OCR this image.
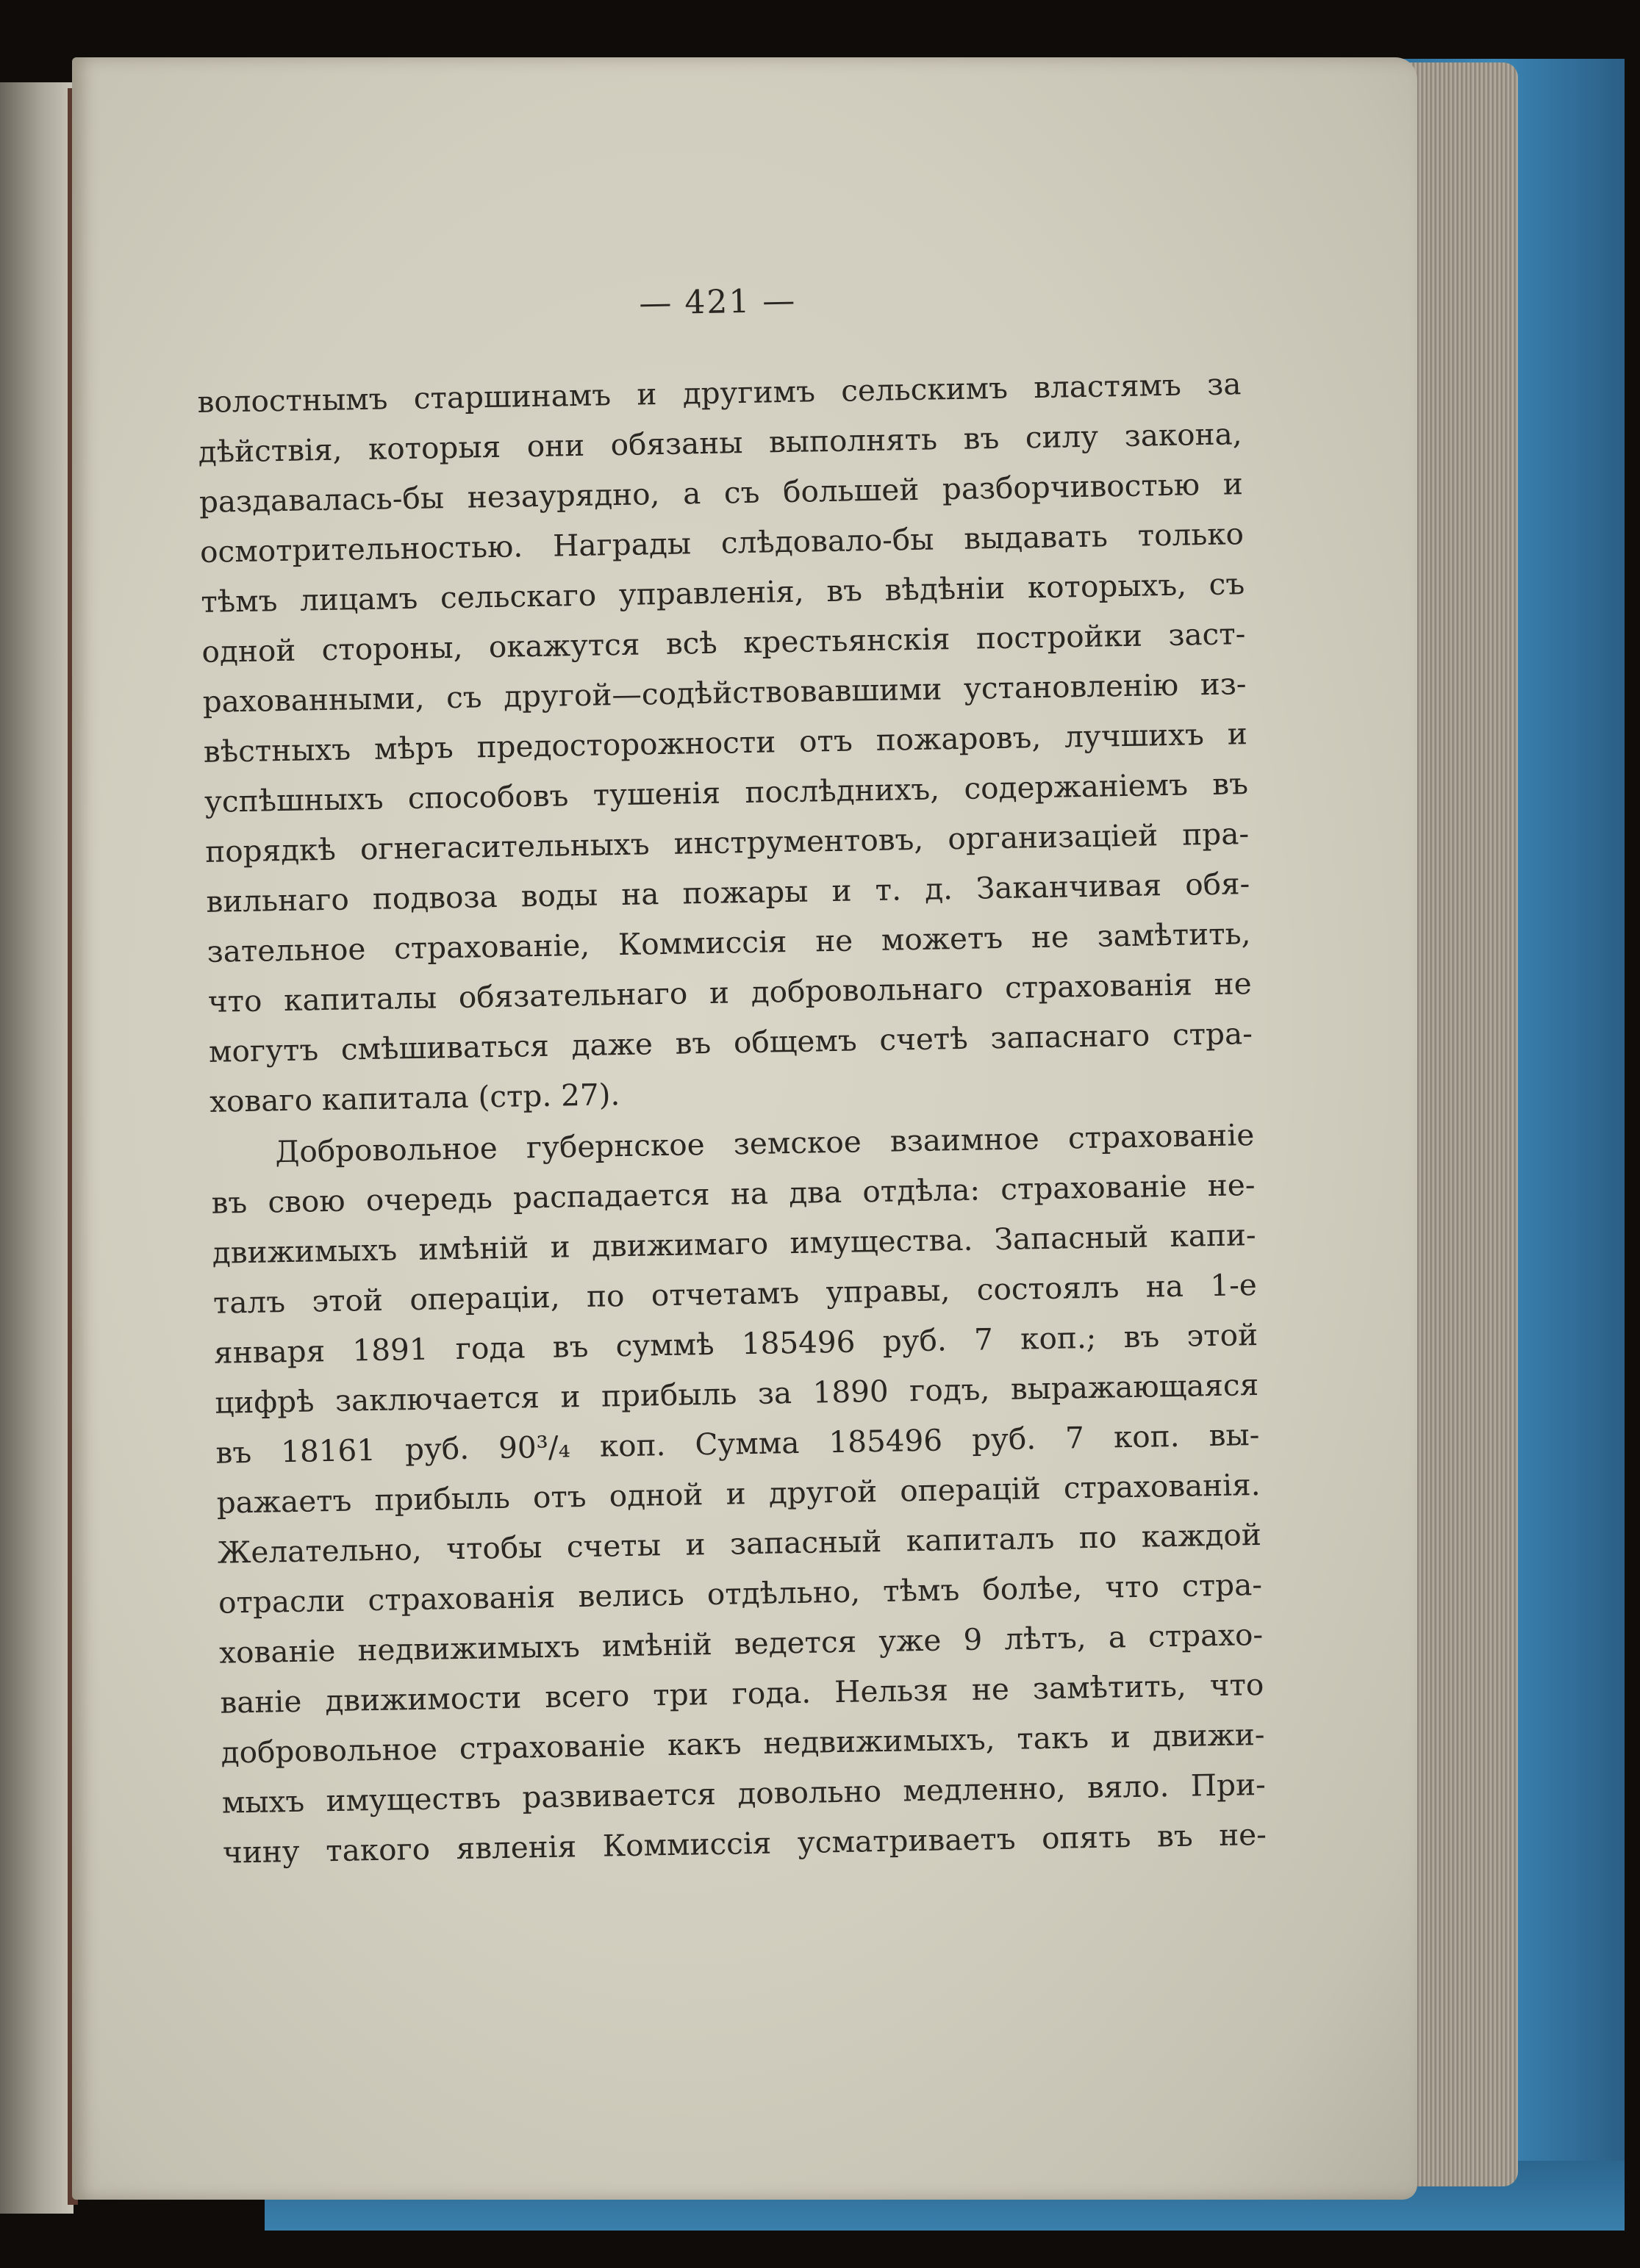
— 421 —

волостнымъ старшинамъ и другимъ сельскимъ властямъ за
дѣйствія, которыя они обязаны выполнять въ силу закона,
раздавалась-бы незаурядно, а съ большей разборчивостью и
осмотрительностью. Награды слѣдовало-бы выдавать только
тѣмъ лицамъ сельскаго управленія, въ вѣдѣніи которыхъ, съ
одной стороны, окажутся всѣ крестьянскія постройки заст-
рахованными, съ другой—содѣйствовавшими установленію из-
вѣстныхъ мѣръ предосторожности отъ пожаровъ, лучшихъ и
успѣшныхъ способовъ тушенія послѣднихъ, содержаніемъ въ
порядкѣ огнегасительныхъ инструментовъ, организацiей пра-
вильнаго подвоза воды на пожары и т. д. Заканчивая обя-
зательное страхованіе, Коммиссія не можетъ не замѣтить,
что капиталы обязательнаго и добровольнаго страхованія не
могутъ смѣшиваться даже въ общемъ счетѣ запаснаго стра-
ховаго капитала (стр. 27).

Добровольное губернское земское взаимное страхованіе
въ свою очередь распадается на два отдѣла: страхованіе не-
движимыхъ имѣній и движимаго имущества. Запасный капи-
талъ этой операціи, по отчетамъ управы, состоялъ на 1-е
января 1891 года въ суммѣ 185496 руб. 7 коп.; въ этой
цифрѣ заключается и прибыль за 1890 годъ, выражающаяся
въ 18161 руб. 90³/₄ коп. Сумма 185496 руб. 7 коп. вы-
ражаетъ прибыль отъ одной и другой операцій страхованія.
Желательно, чтобы счеты и запасный капиталъ по каждой
отрасли страхованія велись отдѣльно, тѣмъ болѣе, что стра-
хованіе недвижимыхъ имѣній ведется уже 9 лѣтъ, а страхо-
ваніе движимости всего три года. Нельзя не замѣтить, что
добровольное страхованіе какъ недвижимыхъ, такъ и движи-
мыхъ имуществъ развивается довольно медленно, вяло. При-
чину такого явленія Коммиссія усматриваетъ опять въ не-
